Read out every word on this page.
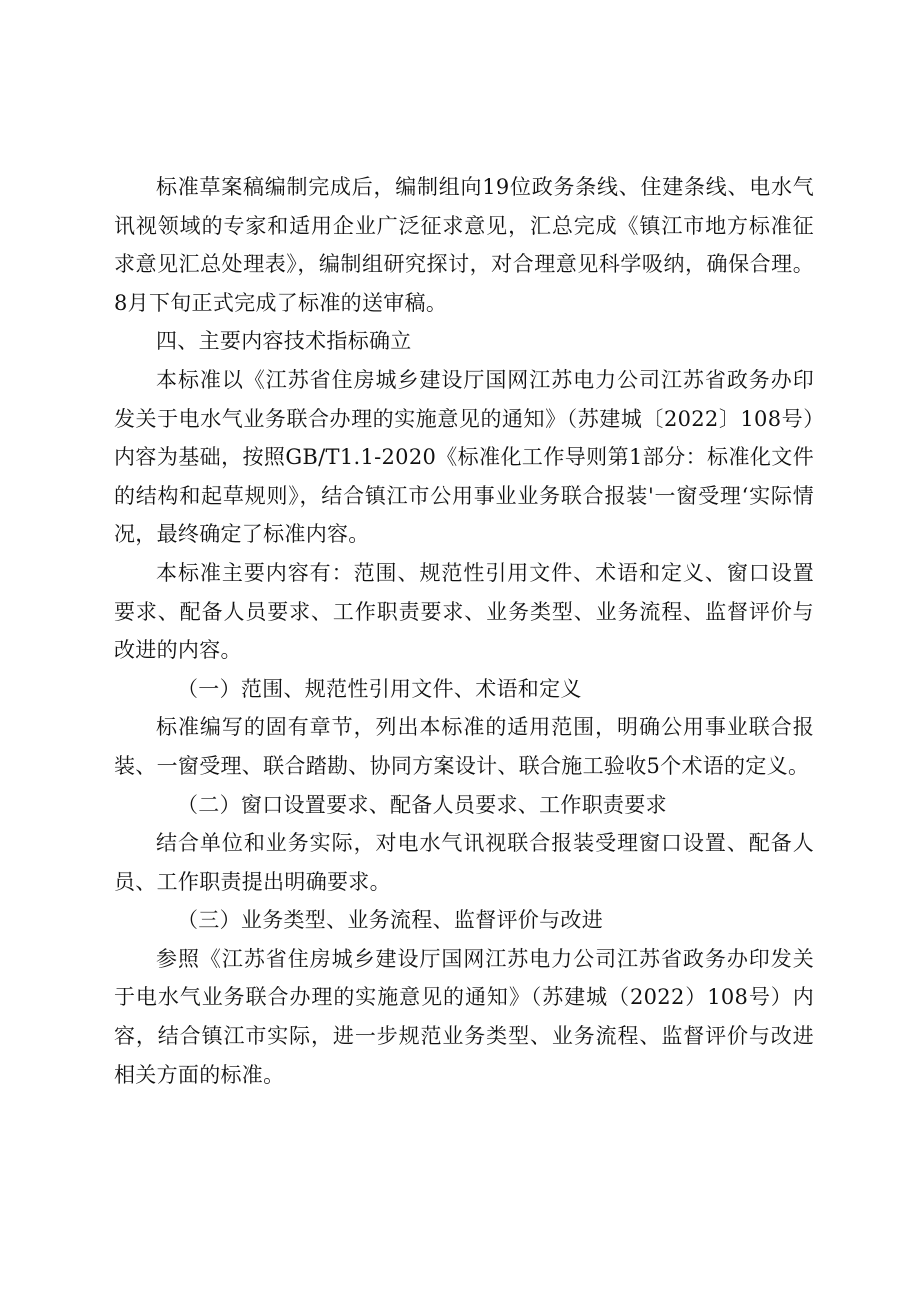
标准草案稿编制完成后，编制组向19位政务条线、住建条线、电水气讯视领域的专家和适用企业广泛征求意见，汇总完成《镇江市地方标准征求意见汇总处理表》，编制组研究探讨，对合理意见科学吸纳，确保合理。8月下旬正式完成了标准的送审稿。

四、主要内容技术指标确立

本标准以《江苏省住房城乡建设厅国网江苏电力公司江苏省政务办印发关于电水气业务联合办理的实施意见的通知》（苏建城〔2022〕108号）内容为基础，按照GB/T1.1-2020《标准化工作导则第1部分：标准化文件的结构和起草规则》，结合镇江市公用事业业务联合报装'一窗受理‘实际情况，最终确定了标准内容。

本标准主要内容有：范围、规范性引用文件、术语和定义、窗口设置要求、配备人员要求、工作职责要求、业务类型、业务流程、监督评价与改进的内容。

（一）范围、规范性引用文件、术语和定义

标准编写的固有章节，列出本标准的适用范围，明确公用事业联合报装、一窗受理、联合踏勘、协同方案设计、联合施工验收5个术语的定义。

（二）窗口设置要求、配备人员要求、工作职责要求

结合单位和业务实际，对电水气讯视联合报装受理窗口设置、配备人员、工作职责提出明确要求。

（三）业务类型、业务流程、监督评价与改进

参照《江苏省住房城乡建设厅国网江苏电力公司江苏省政务办印发关于电水气业务联合办理的实施意见的通知》（苏建城（2022）108号）内容，结合镇江市实际，进一步规范业务类型、业务流程、监督评价与改进相关方面的标准。
